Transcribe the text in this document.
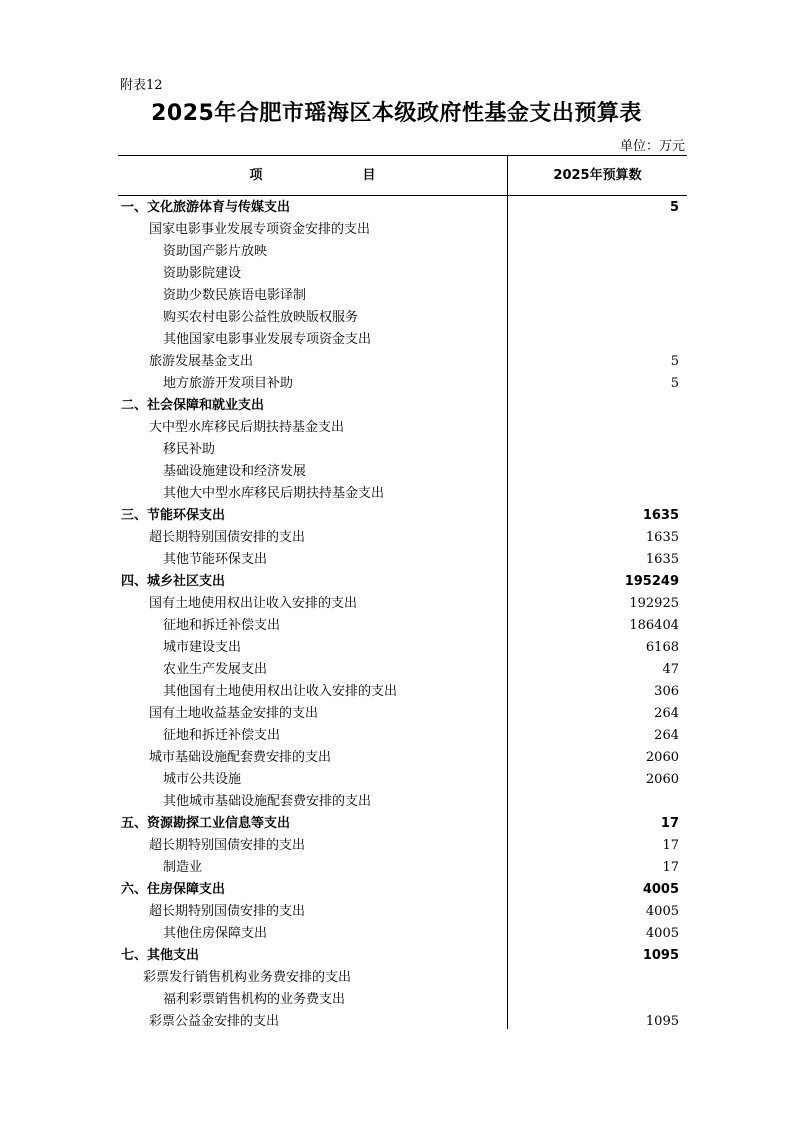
附表12
2025年合肥市瑶海区本级政府性基金支出预算表
单位：万元
项	目	2025年预算数
一、文化旅游体育与传媒支出	5
国家电影事业发展专项资金安排的支出
资助国产影片放映
资助影院建设
资助少数民族语电影译制
购买农村电影公益性放映版权服务
其他国家电影事业发展专项资金支出
旅游发展基金支出	5
地方旅游开发项目补助	5
二、社会保障和就业支出
大中型水库移民后期扶持基金支出
移民补助
基础设施建设和经济发展
其他大中型水库移民后期扶持基金支出
三、节能环保支出	1635
超长期特别国债安排的支出	1635
其他节能环保支出	1635
四、城乡社区支出	195249
国有土地使用权出让收入安排的支出	192925
征地和拆迁补偿支出	186404
城市建设支出	6168
农业生产发展支出	47
其他国有土地使用权出让收入安排的支出	306
国有土地收益基金安排的支出	264
征地和拆迁补偿支出	264
城市基础设施配套费安排的支出	2060
城市公共设施	2060
其他城市基础设施配套费安排的支出
五、资源勘探工业信息等支出	17
超长期特别国债安排的支出	17
制造业	17
六、住房保障支出	4005
超长期特别国债安排的支出	4005
其他住房保障支出	4005
七、其他支出	1095
彩票发行销售机构业务费安排的支出
福利彩票销售机构的业务费支出
彩票公益金安排的支出	1095
